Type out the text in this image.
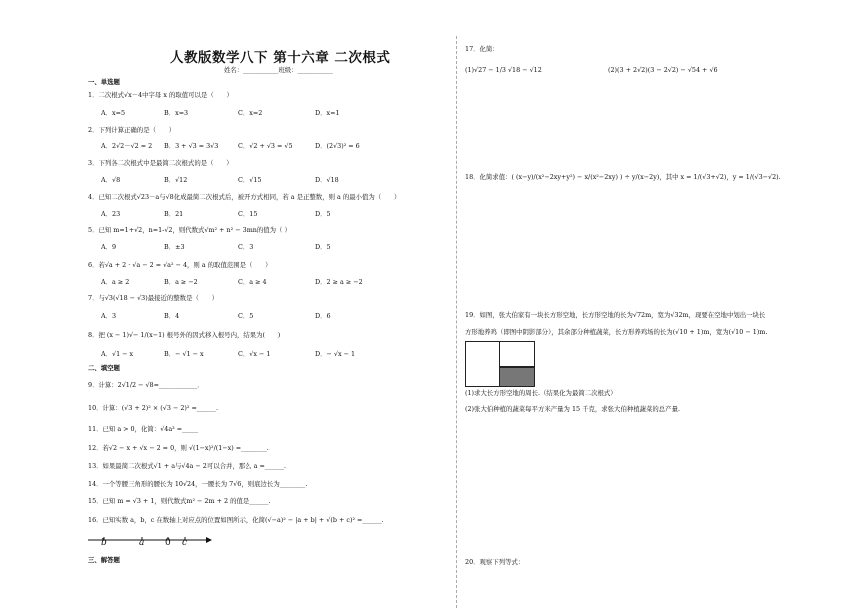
人教版数学八下 第十六章 二次根式
姓名：___________班级：___________
一、单选题
1．二次根式√x－4中字母 x 的取值可以是（　　）
A．x=5	B．x=3	C．x=2	D．x=1
2．下列计算正确的是（　　）
A．2√2－√2 = 2 B．3 + √3 = 3√3	C．√2 + √3 = √5	D．(2√3)² = 6
3．下列各二次根式中是最简二次根式的是（　　）
A．√8	B．√12	C．√15	D．√18
4．已知二次根式√23－a与√8化成最简二次根式后，被开方式相同，若 a 是正整数，则 a 的最小值为（　　）
A．23	B．21	C．15	D．5
5．已知 m=1+√2，n=1-√2，则代数式√m² + n² − 3mn的值为（ ）
A．9	B．±3	C．3	D．5
6．若√a + 2 · √a − 2 = √a² − 4，则 a 的取值范围是（　　）
A．a ≥ 2	B．a ≥ −2	C．a ≥ 4	D．2 ≥ a ≥ −2
7．与√3(√18 − √3)最接近的整数是（　　）
A．3	B．4	C．5	D．6
8．把 (x − 1)√− 1/(x−1) 根号外的因式移入根号内，结果为(　　)
A．√1 − x	B．− √1 − x	C．√x − 1	D．− √x − 1
二、填空题
9．计算：2√1/2 − √8=____________．
10．计算：(√3 + 2)² × (√3 − 2)² =______.
11．已知 a > 0，化简：√4a³ =_____
12．若√2 − x + √x − 2 = 0，则 √(1−x)²/(1−x) =________.
13．如果最简二次根式√1 + a与√4a − 2可以合并，那么 a =______.
14．一个等腰三角形的腰长为 10√24，一腰长为 7√6，则底边长为________.
15．已知 m = √3 + 1，则代数式m² − 2m + 2 的值是______.
16．已知实数 a，b，c 在数轴上对应点的位置如图所示，化简(√−a)² − |a + b| + √(b + c)² =______.
b	a 0 c
三、解答题
17．化简：
(1)√27 − 1/3 √18 − √12	(2)(3 + 2√2)(3 − 2√2) − √54 + √6
18．化简求值：( (x−y)/(x²−2xy+y²) − x/(x²−2xy) ) ÷ y/(x−2y)，其中 x = 1/(√3+√2)，y = 1/(√3−√2).
19．如图，张大伯家有一块长方形空地，长方形空地的长为√72m，宽为√32m，现要在空地中划出一块长
方形地养鸡（即图中阴影部分），其余部分种植蔬菜，长方形养鸡场的长为(√10 + 1)m，宽为(√10 − 1)m.
(1)求大长方形空地的周长.（结果化为最简二次根式）
(2)张大伯种植的蔬菜每平方米产量为 15 千克，求张大伯种植蔬菜的总产量.
20．观察下列等式：
